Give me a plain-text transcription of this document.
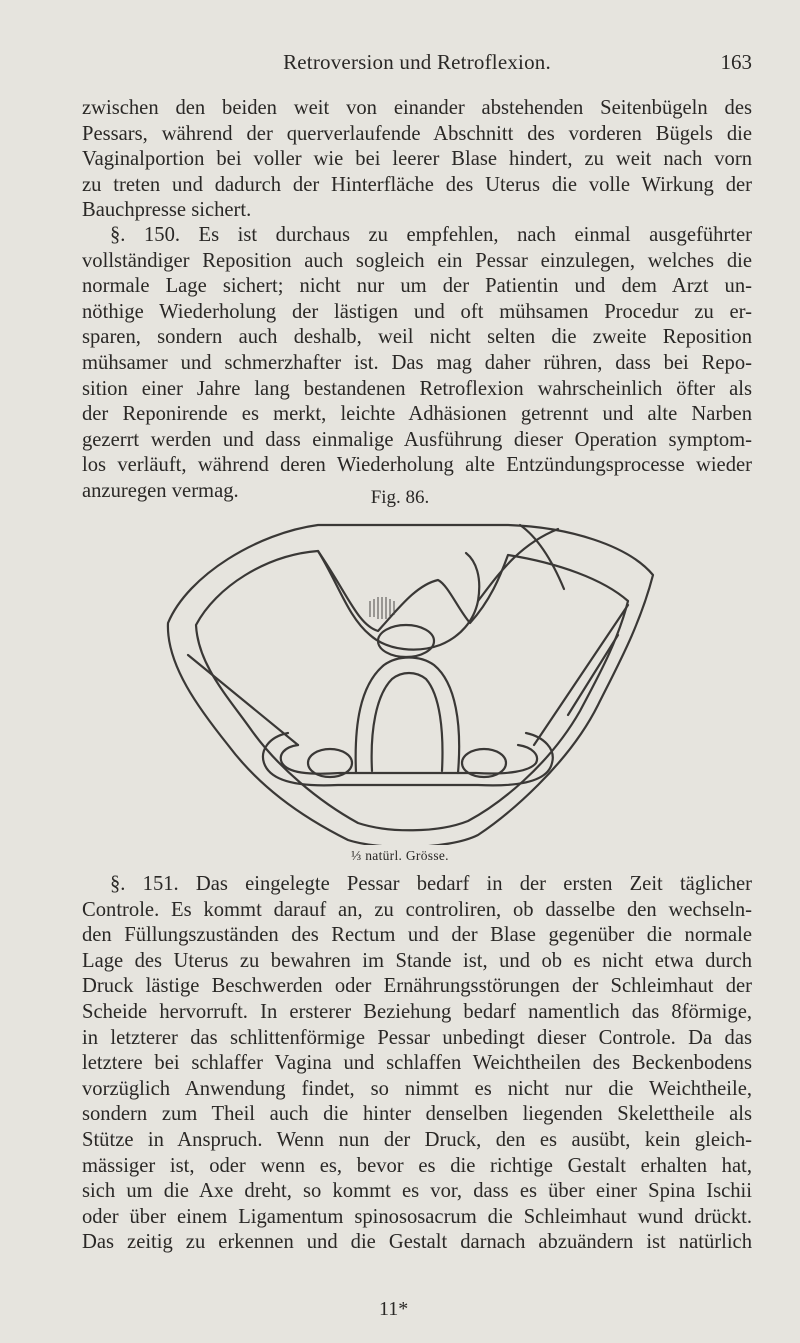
Retroversion und Retroflexion.	163

zwischen den beiden weit von einander abstehenden Seitenbügeln des

Pessars, während der querverlaufende Abschnitt des vorderen Bügels die

Vaginalportion bei voller wie bei leerer Blase hindert, zu weit nach vorn

zu treten und dadurch der Hinterfläche des Uterus die volle Wirkung der

Bauchpresse sichert.

§. 150. Es ist durchaus zu empfehlen, nach einmal ausgeführter

vollständiger Reposition auch sogleich ein Pessar einzulegen, welches die

normale Lage sichert; nicht nur um der Patientin und dem Arzt un-

nöthige Wiederholung der lästigen und oft mühsamen Procedur zu er-

sparen, sondern auch deshalb, weil nicht selten die zweite Reposition

mühsamer und schmerzhafter ist. Das mag daher rühren, dass bei Repo-

sition einer Jahre lang bestandenen Retroflexion wahrscheinlich öfter als

der Reponirende es merkt, leichte Adhäsionen getrennt und alte Narben

gezerrt werden und dass einmalige Ausführung dieser Operation symptom-

los verläuft, während deren Wiederholung alte Entzündungsprocesse wieder

anzuregen vermag.	Fig. 86.
⅓ natürl. Grösse.

§. 151. Das eingelegte Pessar bedarf in der ersten Zeit täglicher

Controle. Es kommt darauf an, zu controliren, ob dasselbe den wechseln-

den Füllungszuständen des Rectum und der Blase gegenüber die normale

Lage des Uterus zu bewahren im Stande ist, und ob es nicht etwa durch

Druck lästige Beschwerden oder Ernährungsstörungen der Schleimhaut der

Scheide hervorruft. In ersterer Beziehung bedarf namentlich das 8förmige,

in letzterer das schlittenförmige Pessar unbedingt dieser Controle. Da das

letztere bei schlaffer Vagina und schlaffen Weichtheilen des Beckenbodens

vorzüglich Anwendung findet, so nimmt es nicht nur die Weichtheile,

sondern zum Theil auch die hinter denselben liegenden Skelettheile als

Stütze in Anspruch. Wenn nun der Druck, den es ausübt, kein gleich-

mässiger ist, oder wenn es, bevor es die richtige Gestalt erhalten hat,

sich um die Axe dreht, so kommt es vor, dass es über einer Spina Ischii

oder über einem Ligamentum spinososacrum die Schleimhaut wund drückt.

Das zeitig zu erkennen und die Gestalt darnach abzuändern ist natürlich

11*
